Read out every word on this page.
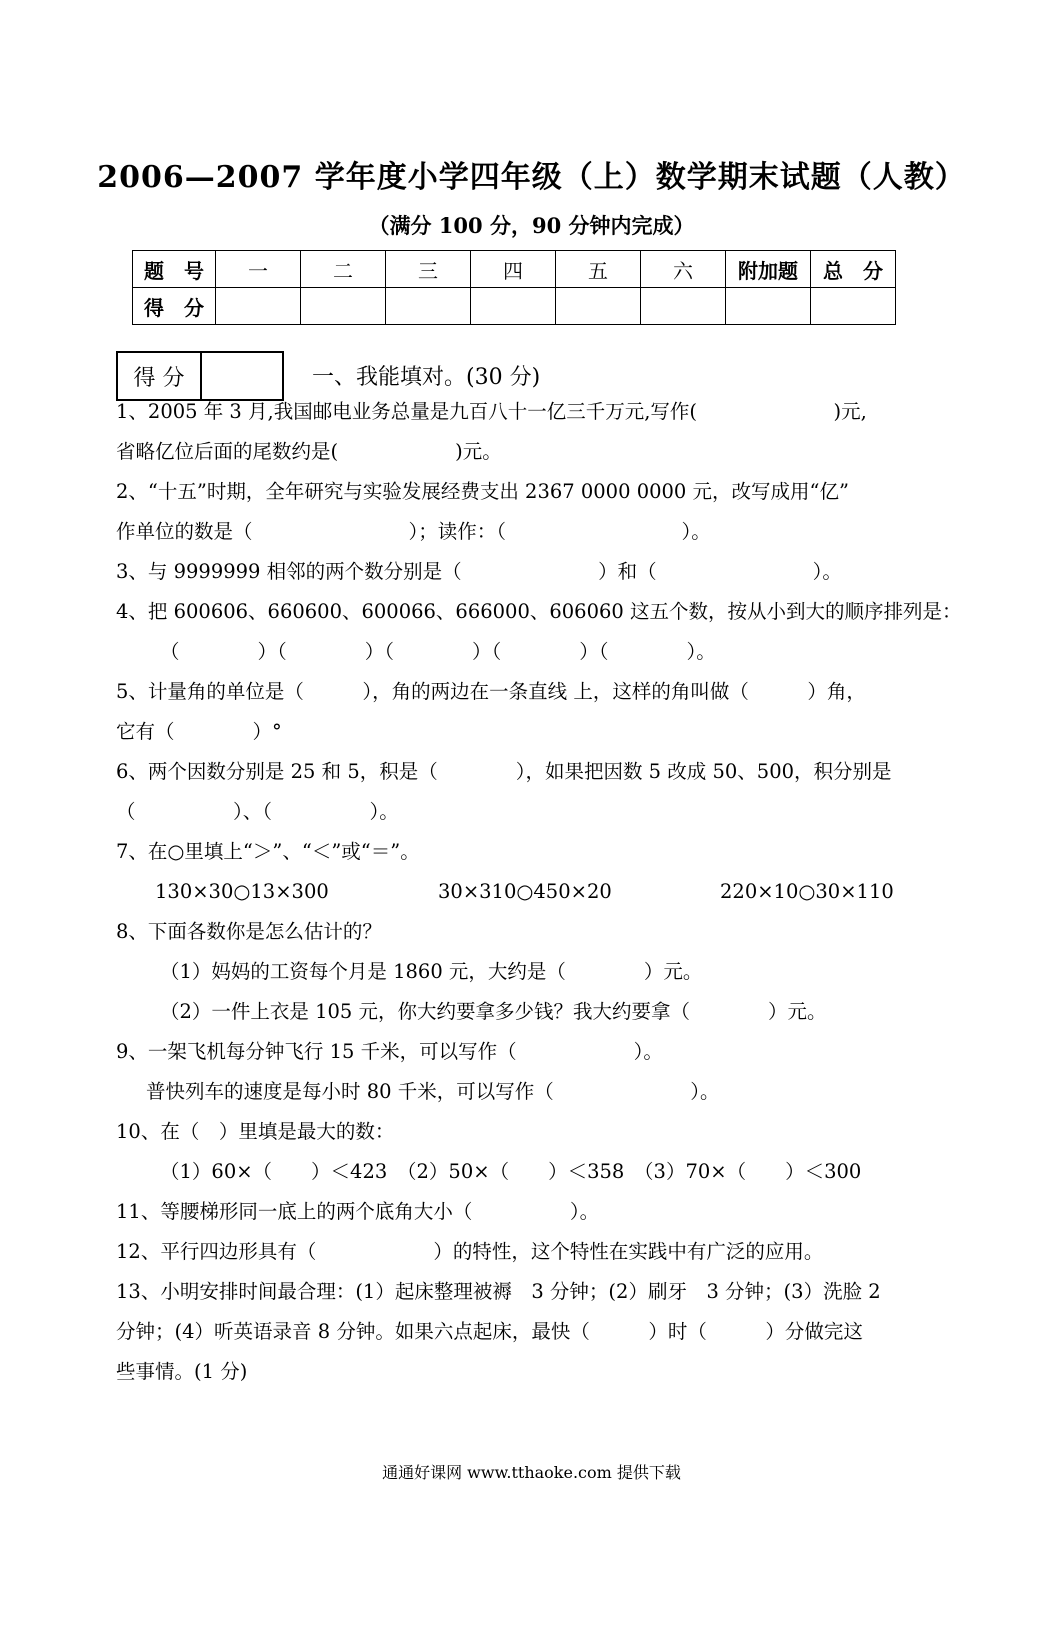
2006—2007 学年度小学四年级（上）数学期末试题（人教）
（满分 100 分，90 分钟内完成）
题　号	一	二	三	四	五	六	附加题	总　分
得　分								
得 分	一、我能填对。(30 分)
1、2005 年 3 月,我国邮电业务总量是九百八十一亿三千万元,写作(　　　　　　　)元,
省略亿位后面的尾数约是(　　　　　　)元。
2、“十五”时期，全年研究与实验发展经费支出 2367 0000 0000 元，改写成用“亿”
作单位的数是（　　　　　　　　）；读作：（　　　　　　　　　）。
3、与 9999999 相邻的两个数分别是（　　　　　　　）和（　　　　　　　　）。
4、把 600606、660600、600066、666000、606060 这五个数，按从小到大的顺序排列是：
（　　　　）（　　　　）（　　　　）（　　　　）（　　　　）。
5、计量角的单位是（　　　），角的两边在一条直线 上，这样的角叫做（　　　）角，
它有（　　　　）°
6、两个因数分别是 25 和 5，积是（　　　　），如果把因数 5 改成 50、500，积分别是
（　　　　　）、（　　　　　）。
7、在○里填上“＞”、“＜”或“＝”。
130×30○13×300	30×310○450×20	220×10○30×110
8、下面各数你是怎么估计的？
（1）妈妈的工资每个月是 1860 元，大约是（　　　　）元。
（2）一件上衣是 105 元，你大约要拿多少钱？我大约要拿（　　　　）元。
9、一架飞机每分钟飞行 15 千米，可以写作（　　　　　　）。
普快列车的速度是每小时 80 千米，可以写作（　　　　　　　）。
10、在（　）里填是最大的数：
（1）60×（　　）＜423　（2）50×（　　）＜358　（3）70×（　　）＜300
11、等腰梯形同一底上的两个底角大小（　　　　　）。
12、平行四边形具有（　　　　　　）的特性，这个特性在实践中有广泛的应用。
13、小明安排时间最合理：(1）起床整理被褥　3 分钟；(2）刷牙　3 分钟；(3）洗脸 2
分钟；(4）听英语录音 8 分钟。如果六点起床，最快（　　　）时（　　　）分做完这
些事情。(1 分)
通通好课网 www.tthaoke.com 提供下载
